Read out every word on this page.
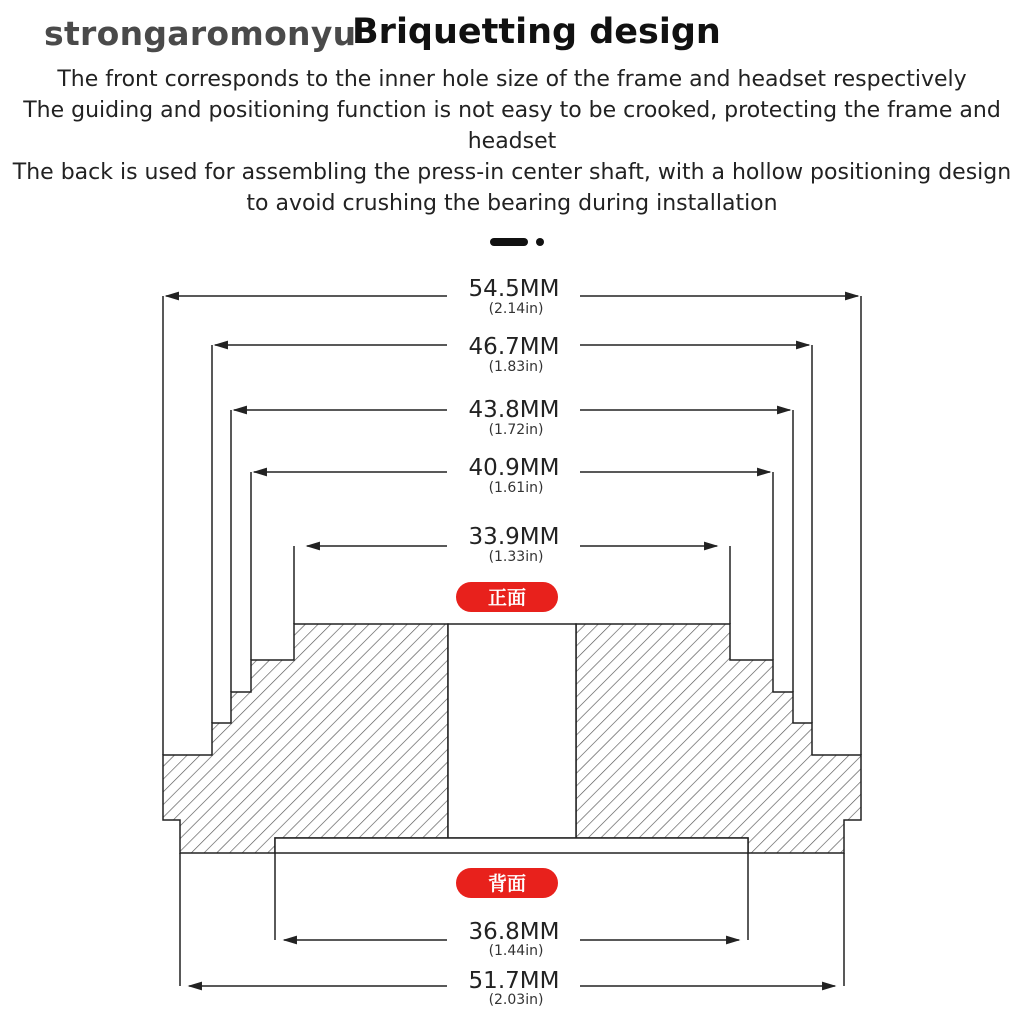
strongaromonyu
Briquetting design
The front corresponds to the inner hole size of the frame and headset respectively
The guiding and positioning function is not easy to be crooked, protecting the frame and
headset
The back is used for assembling the press-in center shaft, with a hollow positioning design
to avoid crushing the bearing during installation
54.5MM
(2.14in)
46.7MM
(1.83in)
43.8MM
(1.72in)
40.9MM
(1.61in)
33.9MM
(1.33in)
36.8MM
(1.44in)
51.7MM
(2.03in)
正面
背面
